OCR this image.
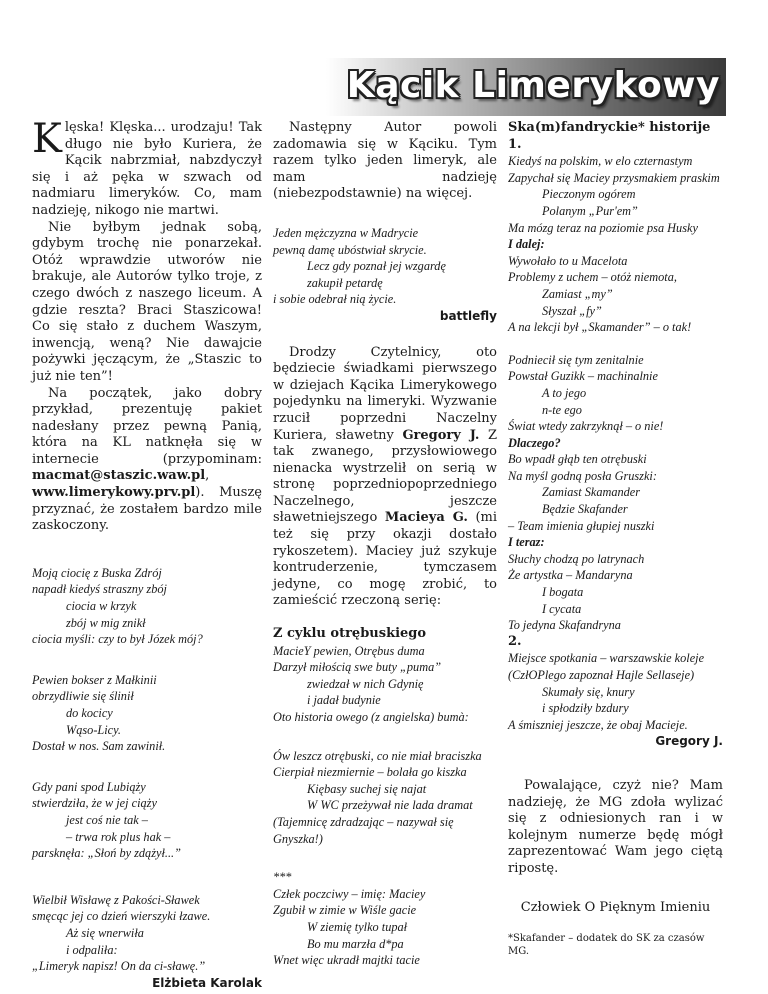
Kącik Limerykowy

Klęska! Klęska... urodzaju! Tak długo nie było Kuriera, że Kącik nabrzmiał, nabzdyczył się i aż pęka w szwach od nadmiaru limeryków. Co, mam nadzieję, nikogo nie martwi.

Nie byłbym jednak sobą, gdybym trochę nie ponarzekał. Otóż wprawdzie utworów nie brakuje, ale Autorów tylko troje, z czego dwóch z naszego liceum. A gdzie reszta? Braci Staszicowa! Co się stało z duchem Waszym, inwencją, weną? Nie dawajcie pożywki jęczącym, że „Staszic to już nie ten”!

Na początek, jako dobry przykład, prezentuję pakiet nadesłany przez pewną Panią, która na KL natknęła się w internecie (przypominam: macmat@staszic.waw.pl, www.limerykowy.prv.pl). Muszę przyznać, że zostałem bardzo mile zaskoczony.

Moją ciocię z Buska Zdrój
napadł kiedyś straszny zbój
ciocia w krzyk
zbój w mig znikł
ciocia myśli: czy to był Józek mój?
Pewien bokser z Małkinii
obrzydliwie się ślinił
do kocicy
Wąso-Licy.
Dostał w nos. Sam zawinił.
Gdy pani spod Lubiąży
stwierdziła, że w jej ciąży
jest coś nie tak –
– trwa rok plus hak –
parsknęła: „Słoń by zdążył...”
Wielbił Wisławę z Pakości-Sławek
smęcąc jej co dzień wierszyki łzawe.
Aż się wnerwiła
i odpaliła:
„Limeryk napisz! On da ci-sławę.”
Elżbieta Karolak

Następny Autor powoli zadomawia się w Kąciku. Tym razem tylko jeden limeryk, ale mam nadzieję (niebezpodstawnie) na więcej.

Jeden mężczyzna w Madrycie
pewną damę ubóstwiał skrycie.
Lecz gdy poznał jej wzgardę
zakupił petardę
i sobie odebrał nią życie.
battlefly

Drodzy Czytelnicy, oto będziecie świadkami pierwszego w dziejach Kącika Limerykowego pojedynku na limeryki. Wyzwanie rzucił poprzedni Naczelny Kuriera, sławetny Gregory J. Z tak zwanego, przysłowiowego nienacka wystrzelił on serią w stronę poprzedniopoprzedniego Naczelnego, jeszcze sławetniejszego Macieya G. (mi też się przy okazji dostało rykoszetem). Maciey już szykuje kontruderzenie, tymczasem jedyne, co mogę zrobić, to zamieścić rzeczoną serię:

Z cyklu otrębuskiego
MacieY pewien, Otrębus duma
Darzył miłością swe buty „puma”
zwiedzał w nich Gdynię
i jadał budynie
Oto historia owego (z angielska) bumà:
Ów leszcz otrębuski, co nie miał braciszka
Cierpiał niezmiernie – bolała go kiszka
Kiębasy suchej się najat
W WC przeżywał nie lada dramat
(Tajemnicę zdradzając – nazywał się
Gnyszka!)
***
Człek poczciwy – imię: Maciey
Zgubił w zimie w Wiśle gacie
W ziemię tylko tupał
Bo mu marzła d*pa
Wnet więc ukradł majtki tacie
Ska(m)fandryckie* historije
1.
Kiedyś na polskim, w elo czternastym
Zapychał się Maciey przysmakiem praskim
Pieczonym ogórem
Polanym „Pur'em”
Ma mózg teraz na poziomie psa Husky
I dalej:
Wywołało to u Macelota
Problemy z uchem – otóż niemota,
Zamiast „my”
Słyszał „fy”
A na lekcji był „Skamander” – o tak!
Podniecił się tym zenitalnie
Powstał Guzikk – machinalnie
A to jego
n-te ego
Świat wtedy zakrzyknął – o nie!
Dlaczego?
Bo wpadł głąb ten otrębuski
Na myśl godną posła Gruszki:
Zamiast Skamander
Będzie Skafander
– Team imienia głupiej nuszki
I teraz:
Słuchy chodzą po latrynach
Że artystka – Mandaryna
I bogata
I cycata
To jedyna Skafandryna
2.
Miejsce spotkania – warszawskie koleje
(CzłOPlego zapoznał Hajle Sellaseje)
Skumały się, knury
i spłodziły bzdury
A śmiszniej jeszcze, że obaj Macieje.
Gregory J.

Powalające, czyż nie? Mam nadzieję, że MG zdoła wylizać się z odniesionych ran i w kolejnym numerze będę mógł zaprezentować Wam jego ciętą ripostę.

Człowiek O Pięknym Imieniu
*Skafander – dodatek do SK za czasów MG.
